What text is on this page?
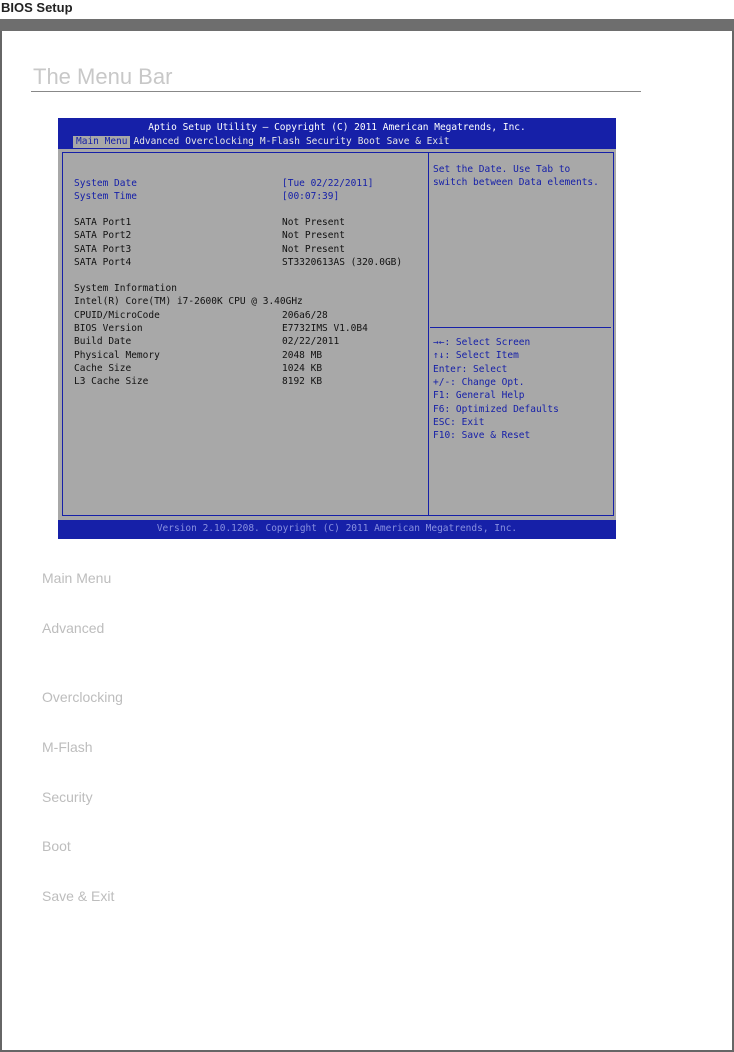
BIOS Setup
The Menu Bar
Aptio Setup Utility – Copyright (C) 2011 American Megatrends, Inc.
Main Menu Advanced Overclocking M-Flash Security Boot Save & Exit
System Date	[Tue 02/22/2011]
System Time	[00:07:39]
SATA Port1	Not Present
SATA Port2	Not Present
SATA Port3	Not Present
SATA Port4	ST3320613AS (320.0GB)
System Information
Intel(R) Core(TM) i7-2600K CPU @ 3.40GHz
CPUID/MicroCode	206a6/28
BIOS Version	E7732IMS V1.0B4
Build Date	02/22/2011
Physical Memory	2048 MB
Cache Size	1024 KB
L3 Cache Size	8192 KB
Set the Date. Use Tab to
switch between Data elements.
→←: Select Screen
↑↓: Select Item
Enter: Select
+/-: Change Opt.
F1: General Help
F6: Optimized Defaults
ESC: Exit
F10: Save & Reset
Version 2.10.1208. Copyright (C) 2011 American Megatrends, Inc.
Main Menu
Advanced
Overclocking
M-Flash
Security
Boot
Save & Exit
